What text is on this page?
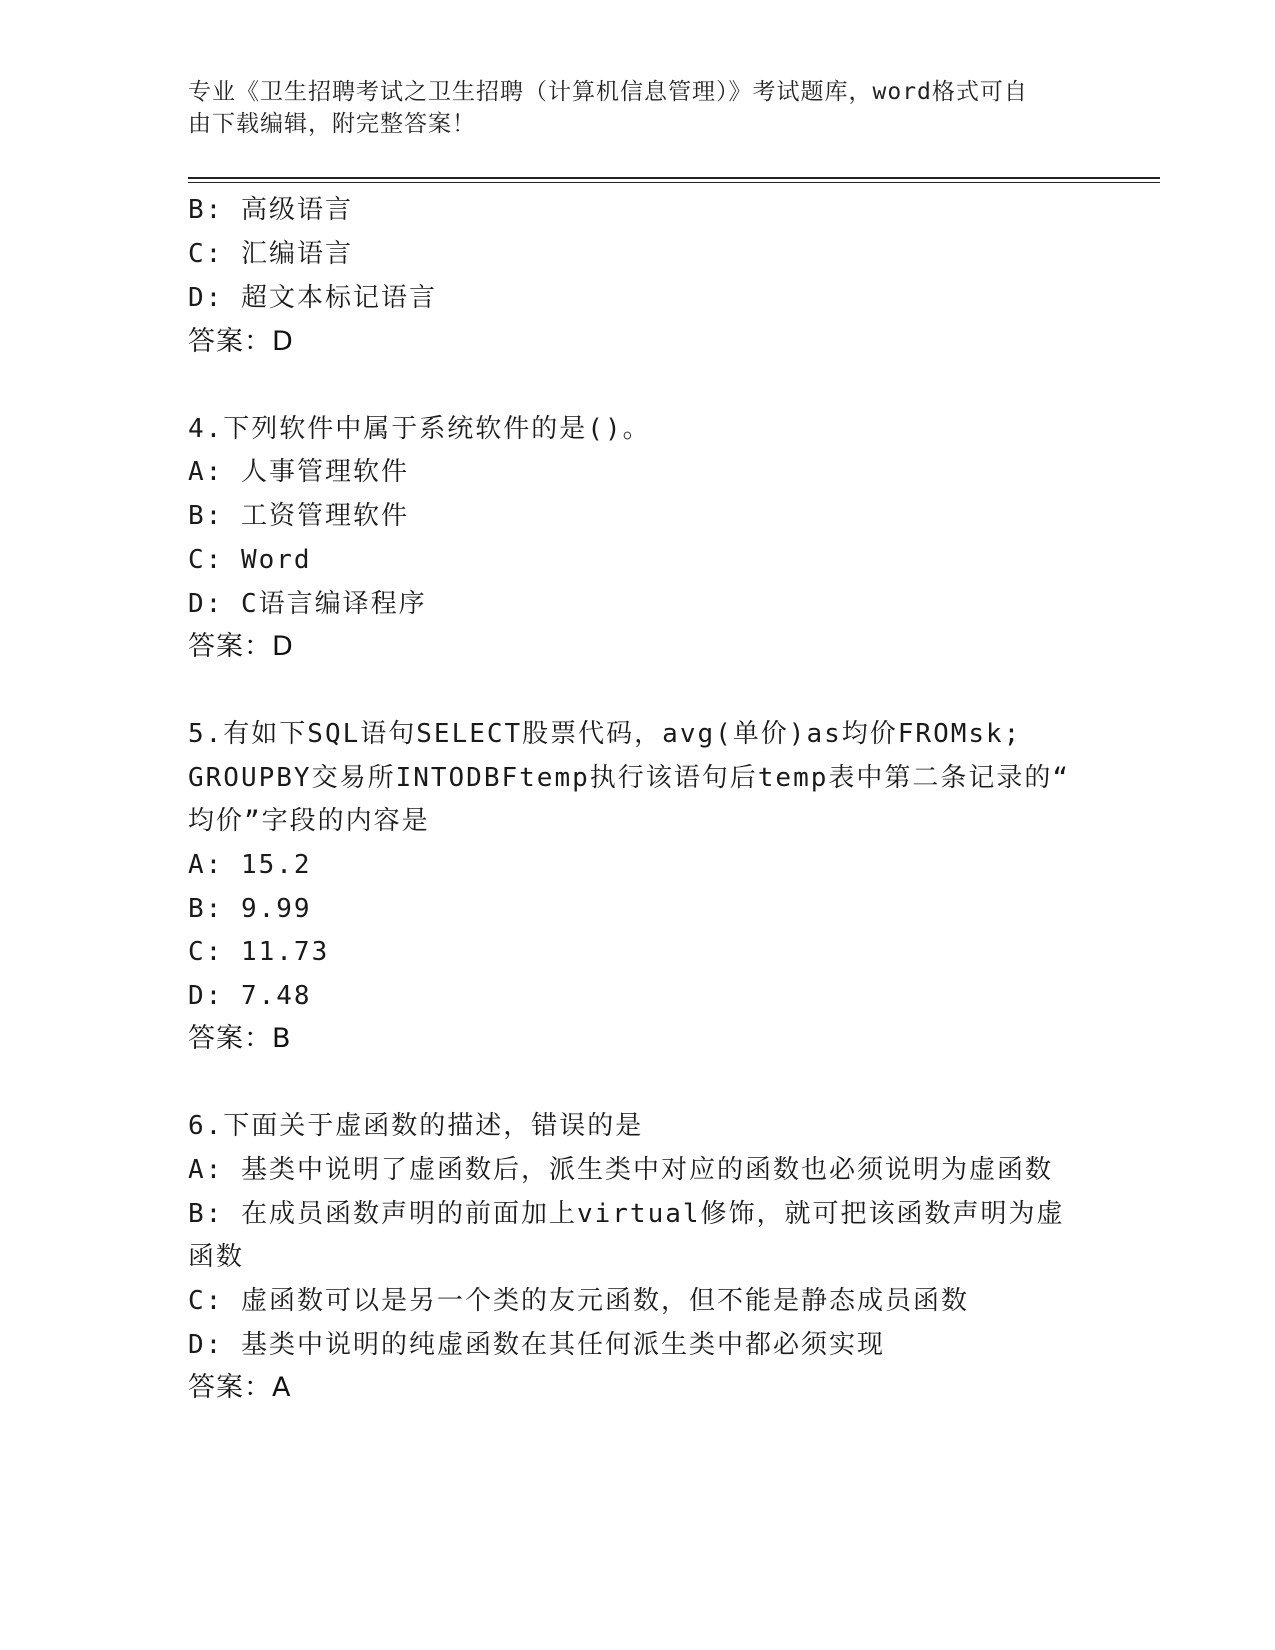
专业《卫生招聘考试之卫生招聘（计算机信息管理）》考试题库，word格式可自
由下载编辑，附完整答案！
B: 高级语言
C: 汇编语言
D: 超文本标记语言
答案：D
4.下列软件中属于系统软件的是()。
A: 人事管理软件
B: 工资管理软件
C: Word
D: C语言编译程序
答案：D
5.有如下SQL语句SELECT股票代码，avg(单价)as均价FROMsk;
GROUPBY交易所INTODBFtemp执行该语句后temp表中第二条记录的“
均价”字段的内容是
A: 15.2
B: 9.99
C: 11.73
D: 7.48
答案：B
6.下面关于虚函数的描述，错误的是
A: 基类中说明了虚函数后，派生类中对应的函数也必须说明为虚函数
B: 在成员函数声明的前面加上virtual修饰，就可把该函数声明为虚
函数
C: 虚函数可以是另一个类的友元函数，但不能是静态成员函数
D: 基类中说明的纯虚函数在其任何派生类中都必须实现
答案：A
